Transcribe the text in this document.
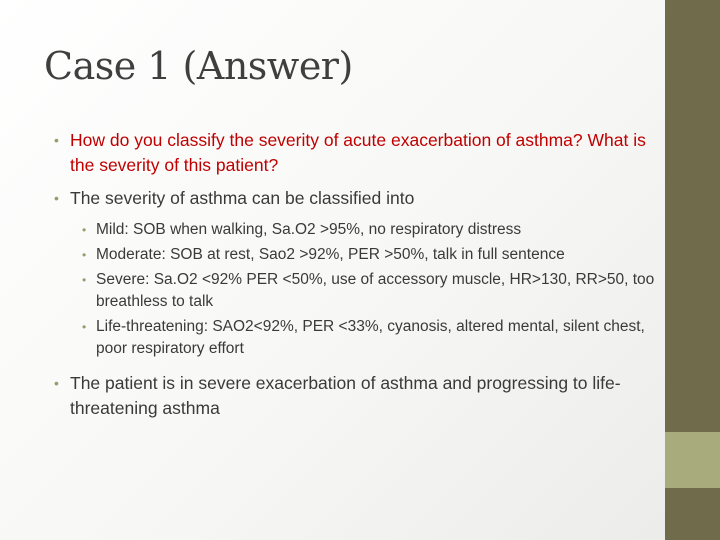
Case 1 (Answer)
• How do you classify the severity of acute exacerbation of asthma? What is the severity of this patient?
• The severity of asthma can be classified into
• Mild: SOB when walking, Sa.O2 >95%, no respiratory distress
• Moderate: SOB at rest, Sao2 >92%, PER >50%, talk in full sentence
• Severe: Sa.O2 <92% PER <50%, use of accessory muscle, HR>130, RR>50, too breathless to talk
• Life-threatening: SAO2<92%, PER <33%, cyanosis, altered mental, silent chest, poor respiratory effort
• The patient is in severe exacerbation of asthma and progressing to life-threatening asthma
